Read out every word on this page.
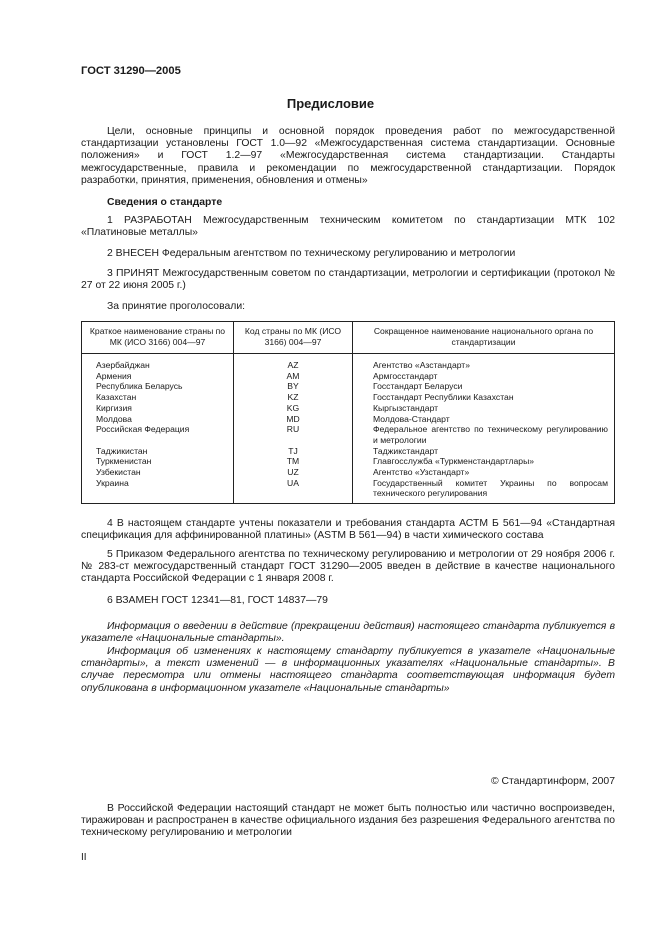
ГОСТ 31290—2005
Предисловие
Цели, основные принципы и основной порядок проведения работ по межгосударственной стандартизации установлены ГОСТ 1.0—92 «Межгосударственная система стандартизации. Основные положения» и ГОСТ 1.2—97 «Межгосударственная система стандартизации. Стандарты межгосударственные, правила и рекомендации по межгосударственной стандартизации. Порядок разработки, принятия, применения, обновления и отмены»
Сведения о стандарте
1 РАЗРАБОТАН Межгосударственным техническим комитетом по стандартизации МТК 102 «Платиновые металлы»
2 ВНЕСЕН Федеральным агентством по техническому регулированию и метрологии
3 ПРИНЯТ Межгосударственным советом по стандартизации, метрологии и сертификации (протокол № 27 от 22 июня 2005 г.)
За принятие проголосовали:
Краткое наименование страны по МК (ИСО 3166) 004—97	Код страны по МК (ИСО 3166) 004—97	Сокращенное наименование национального органа по стандартизации
Азербайджан	AZ	Агентство «Азстандарт»
Армения	AM	Армгосстандарт
Республика Беларусь	BY	Госстандарт Беларуси
Казахстан	KZ	Госстандарт Республики Казахстан
Киргизия	KG	Кыргызстандарт
Молдова	MD	Молдова-Стандарт
Российская Федерация	RU	Федеральное агентство по техническому регулированию и метрологии
Таджикистан	TJ	Таджикстандарт
Туркменистан	TM	Главгосслужба «Туркменстандартлары»
Узбекистан	UZ	Агентство «Узстандарт»
Украина	UA	Государственный комитет Украины по вопросам технического регулирования
4 В настоящем стандарте учтены показатели и требования стандарта АСТМ Б 561—94 «Стандартная спецификация для аффинированной платины» (ASTM B 561—94) в части химического состава
5 Приказом Федерального агентства по техническому регулированию и метрологии от 29 ноября 2006 г. № 283-ст межгосударственный стандарт ГОСТ 31290—2005 введен в действие в качестве национального стандарта Российской Федерации с 1 января 2008 г.
6 ВЗАМЕН ГОСТ 12341—81, ГОСТ 14837—79
Информация о введении в действие (прекращении действия) настоящего стандарта публикуется в указателе «Национальные стандарты».
Информация об изменениях к настоящему стандарту публикуется в указателе «Национальные стандарты», а текст изменений — в информационных указателях «Национальные стандарты». В случае пересмотра или отмены настоящего стандарта соответствующая информация будет опубликована в информационном указателе «Национальные стандарты»
© Стандартинформ, 2007
В Российской Федерации настоящий стандарт не может быть полностью или частично воспроизведен, тиражирован и распространен в качестве официального издания без разрешения Федерального агентства по техническому регулированию и метрологии
II
